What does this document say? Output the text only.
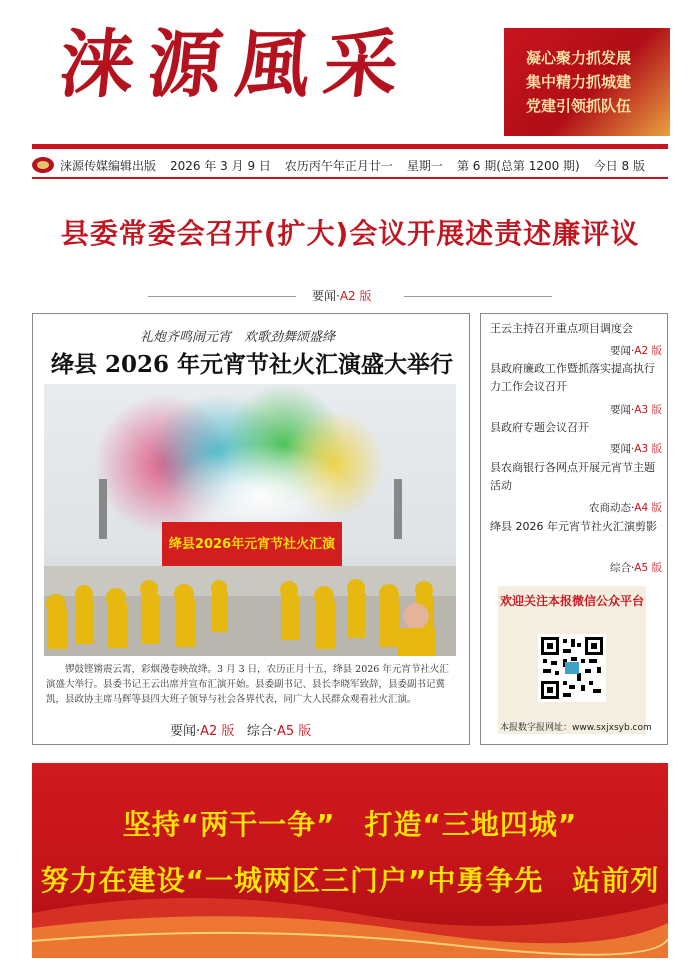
涞源風采	凝心聚力抓发展
集中精力抓城建
党建引领抓队伍
涞源传媒编辑出版 2026 年 3 月 9 日 农历丙午年正月廿一 星期一 第 6 期(总第 1200 期) 今日 8 版
县委常委会召开(扩大)会议开展述责述廉评议
要闻·A2 版
礼炮齐鸣闹元宵　欢歌劲舞颂盛绛
绛县 2026 年元宵节社火汇演盛大举行
绛县2026年元宵节社火汇演
锣鼓铿锵震云霄，彩烟漫卷映故绛。3 月 3 日，农历正月十五，绛县 2026 年元宵节社火汇演盛大举行。县委书记王云出席并宣布汇演开始。县委副书记、县长李晓军致辞，县委副书记冀凯，县政协主席马辉等县四大班子领导与社会各界代表，同广大人民群众观看社火汇演。
要闻·A2 版 综合·A5 版
王云主持召开重点项目调度会
要闻·A2 版
县政府廉政工作暨抓落实提高执行力工作会议召开
要闻·A3 版
县政府专题会议召开
要闻·A3 版
县农商银行各网点开展元宵节主题活动
农商动态·A4 版
绛县 2026 年元宵节社火汇演剪影
综合·A5 版
欢迎关注本报微信公众平台
本报数字报网址：www.sxjxsyb.com
坚持“两干一争”　打造“三地四城”
努力在建设“一城两区三门户”中勇争先　站前列
